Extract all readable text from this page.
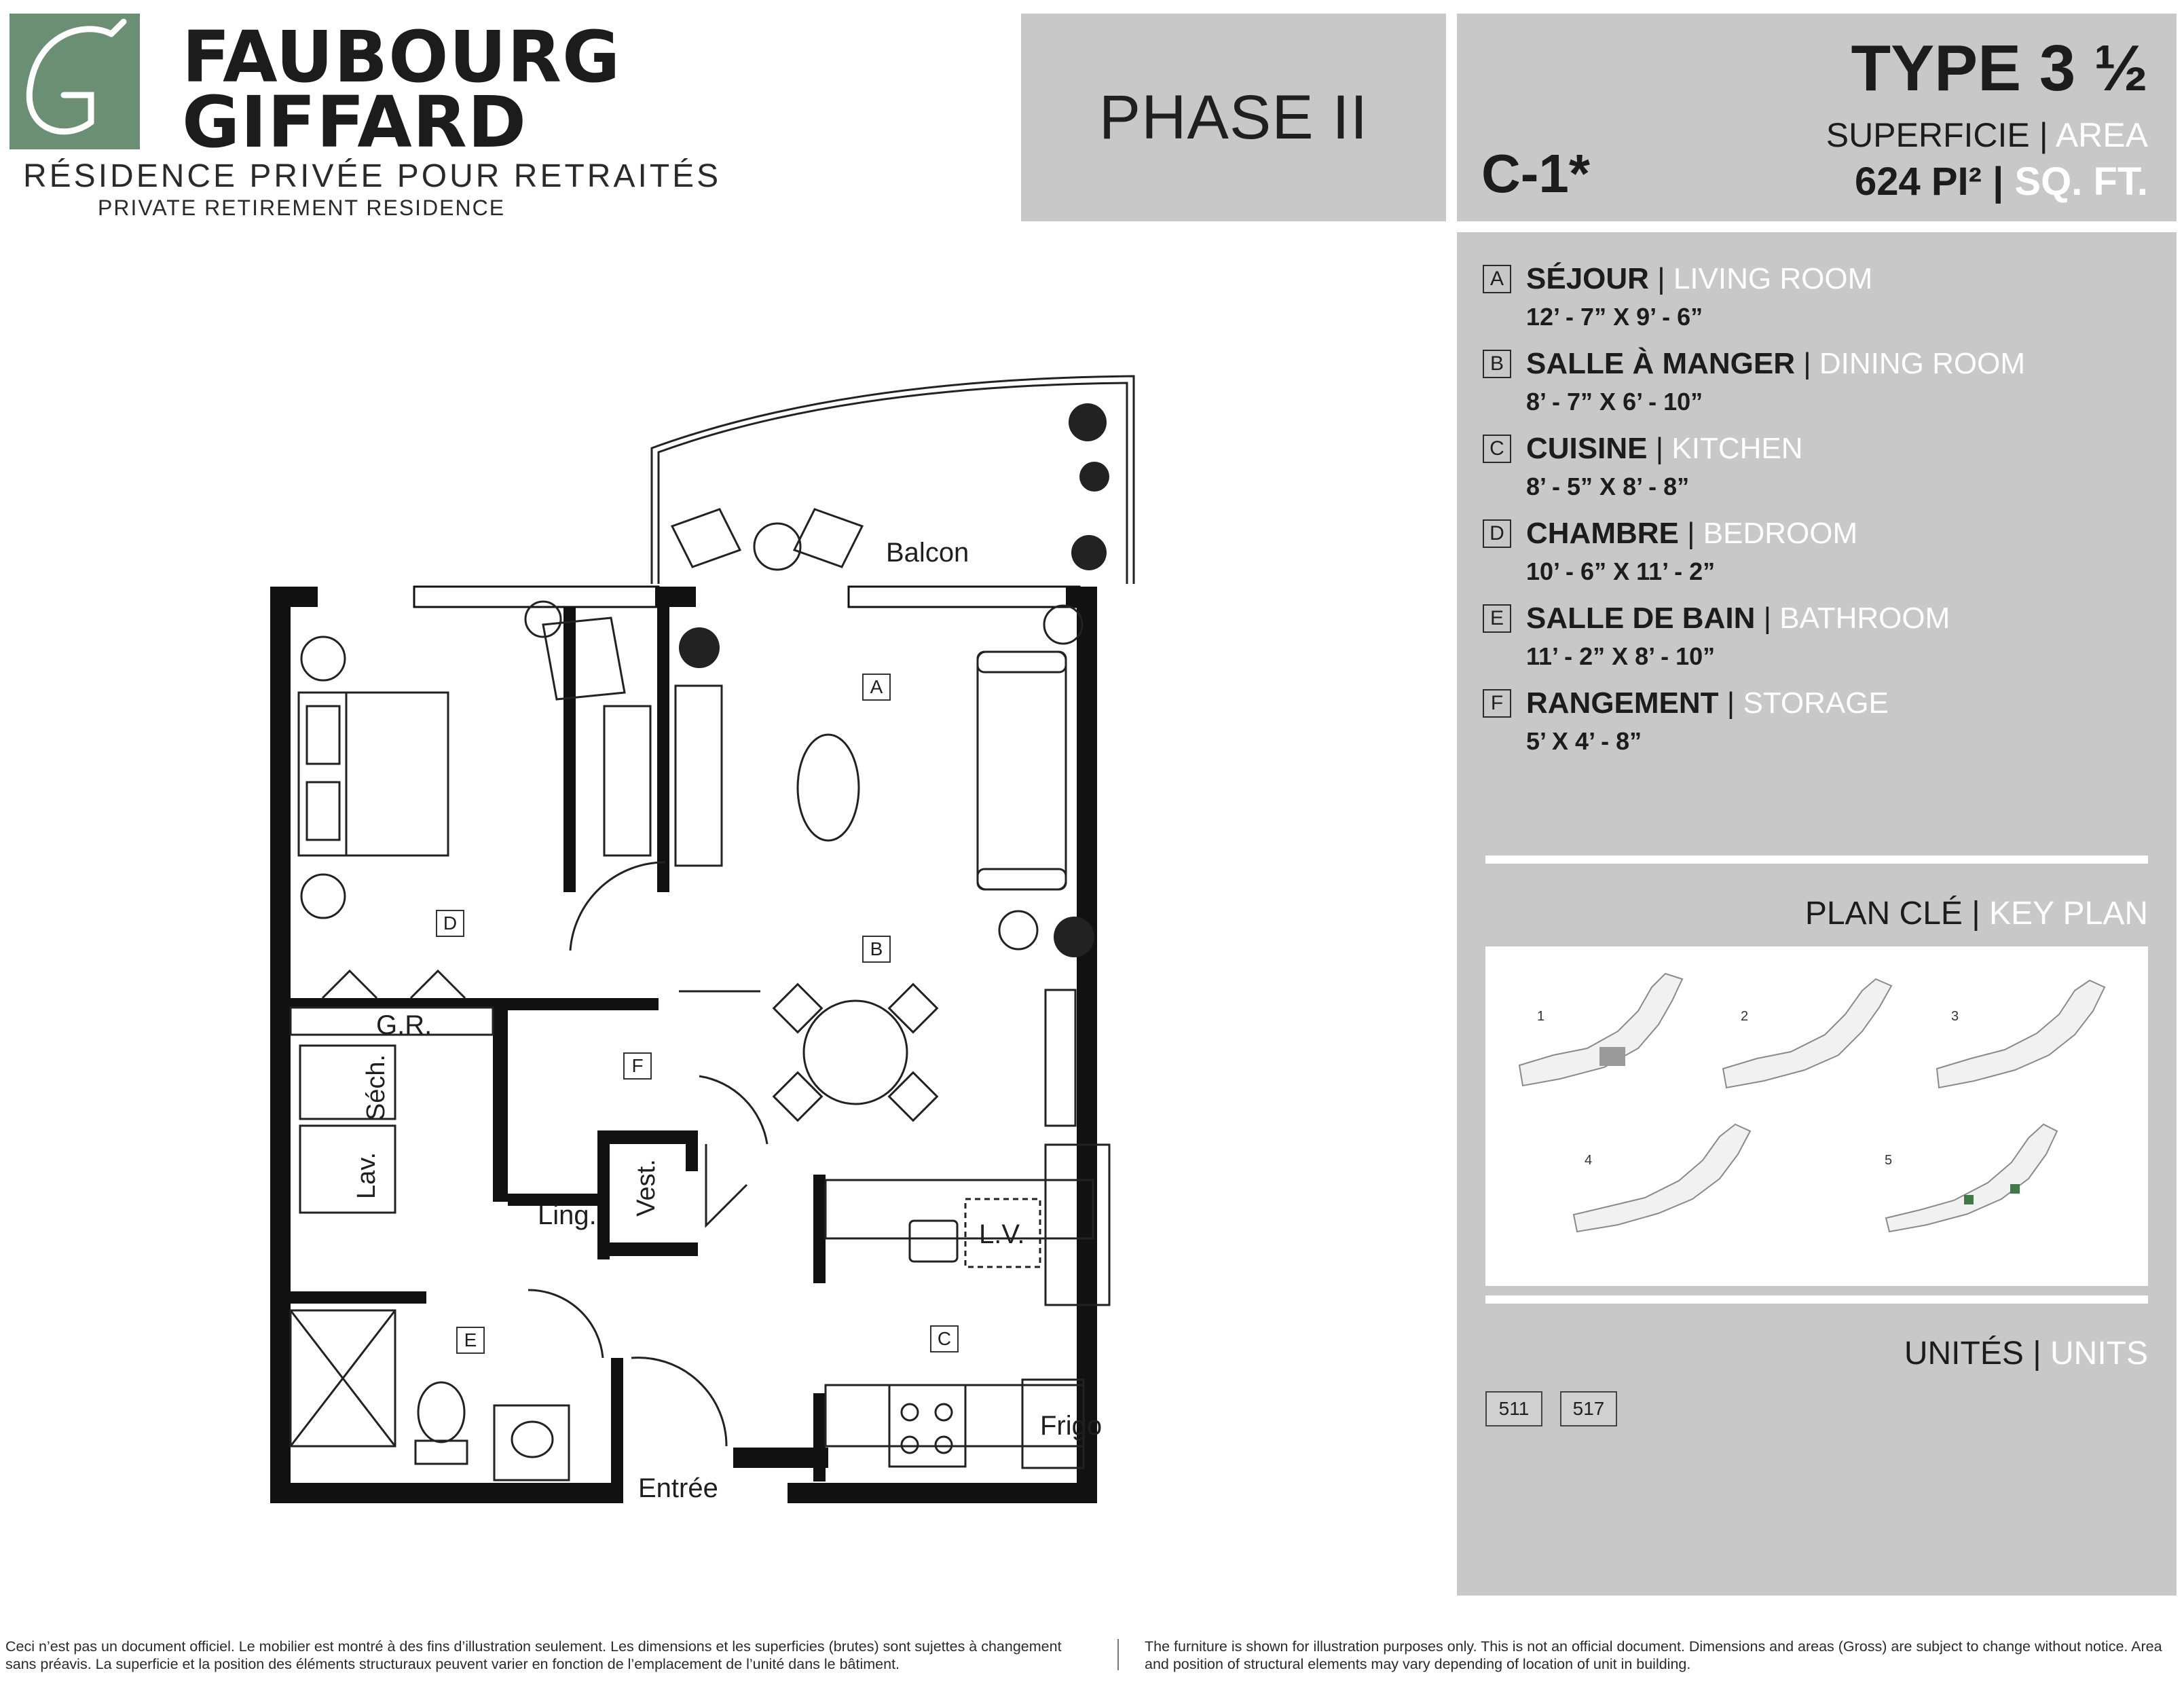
FAUBOURG
GIFFARD
RÉSIDENCE PRIVÉE POUR RETRAITÉS
PRIVATE RETIREMENT RESIDENCE
PHASE II
TYPE 3 ½
C-1*
SUPERFICIE | AREA
624 PI² | SQ. FT.
A SÉJOUR | LIVING ROOM
12’ - 7” X 9’ - 6”
B SALLE À MANGER | DINING ROOM
8’ - 7” X 6’ - 10”
C CUISINE | KITCHEN
8’ - 5” X 8’ - 8”
D CHAMBRE | BEDROOM
10’ - 6” X 11’ - 2”
E SALLE DE BAIN | BATHROOM
11’ - 2” X 8’ - 10”
F RANGEMENT | STORAGE
5’ X 4’ - 8”
PLAN CLÉ | KEY PLAN
1	2	3
4	5
UNITÉS | UNITS
511	517
Balcon
Entrée
G.R.
Séch.
Lav.
Ling. Vest.
L.V.
Frigo
A
B
C
D
E
F
Ceci n’est pas un document officiel. Le mobilier est montré à des fins d’illustration seulement. Les dimensions et les superficies (brutes) sont sujettes à changement sans préavis. La superficie et la position des éléments structuraux peuvent varier en fonction de l’emplacement de l’unité dans le bâtiment.
The furniture is shown for illustration purposes only. This is not an official document. Dimensions and areas (Gross) are subject to change without notice. Area and position of structural elements may vary depending of location of unit in building.
